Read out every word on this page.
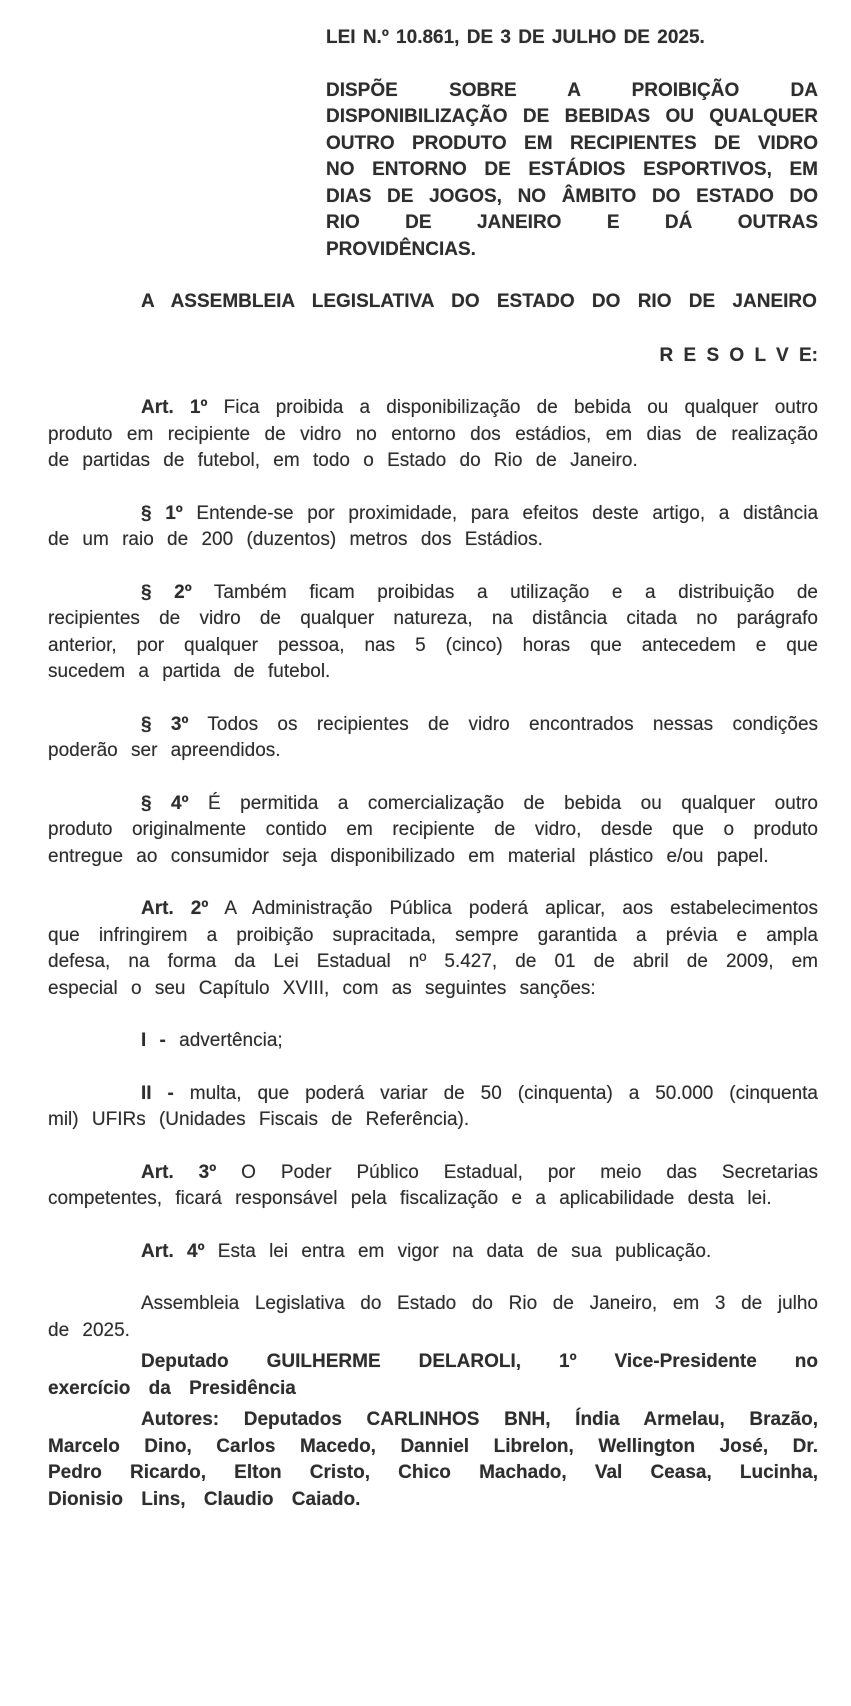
LEI N.º 10.861, DE 3 DE JULHO DE 2025.

DISPÕE SOBRE A PROIBIÇÃO DA DISPONIBILIZAÇÃO DE BEBIDAS OU QUALQUER OUTRO PRODUTO EM RECIPIENTES DE VIDRO NO ENTORNO DE ESTÁDIOS ESPORTIVOS, EM DIAS DE JOGOS, NO ÂMBITO DO ESTADO DO RIO DE JANEIRO E DÁ OUTRAS PROVIDÊNCIAS.

A ASSEMBLEIA LEGISLATIVA DO ESTADO DO RIO DE JANEIRO

R E S O L V E:

Art. 1º Fica proibida a disponibilização de bebida ou qualquer outro produto em recipiente de vidro no entorno dos estádios, em dias de realização de partidas de futebol, em todo o Estado do Rio de Janeiro.

§ 1º Entende-se por proximidade, para efeitos deste artigo, a distância de um raio de 200 (duzentos) metros dos Estádios.

§ 2º Também ficam proibidas a utilização e a distribuição de recipientes de vidro de qualquer natureza, na distância citada no parágrafo anterior, por qualquer pessoa, nas 5 (cinco) horas que antecedem e que sucedem a partida de futebol.

§ 3º Todos os recipientes de vidro encontrados nessas condições poderão ser apreendidos.

§ 4º É permitida a comercialização de bebida ou qualquer outro produto originalmente contido em recipiente de vidro, desde que o produto entregue ao consumidor seja disponibilizado em material plástico e/ou papel.

Art. 2º A Administração Pública poderá aplicar, aos estabelecimentos que infringirem a proibição supracitada, sempre garantida a prévia e ampla defesa, na forma da Lei Estadual nº 5.427, de 01 de abril de 2009, em especial o seu Capítulo XVIII, com as seguintes sanções:

I - advertência;

II - multa, que poderá variar de 50 (cinquenta) a 50.000 (cinquenta mil) UFIRs (Unidades Fiscais de Referência).

Art. 3º O Poder Público Estadual, por meio das Secretarias competentes, ficará responsável pela fiscalização e a aplicabilidade desta lei.

Art. 4º Esta lei entra em vigor na data de sua publicação.

Assembleia Legislativa do Estado do Rio de Janeiro, em 3 de julho de 2025.

Deputado GUILHERME DELAROLI, 1º Vice-Presidente no exercício da Presidência

Autores: Deputados CARLINHOS BNH, Índia Armelau, Brazão, Marcelo Dino, Carlos Macedo, Danniel Librelon, Wellington José, Dr. Pedro Ricardo, Elton Cristo, Chico Machado, Val Ceasa, Lucinha, Dionisio Lins, Claudio Caiado.
